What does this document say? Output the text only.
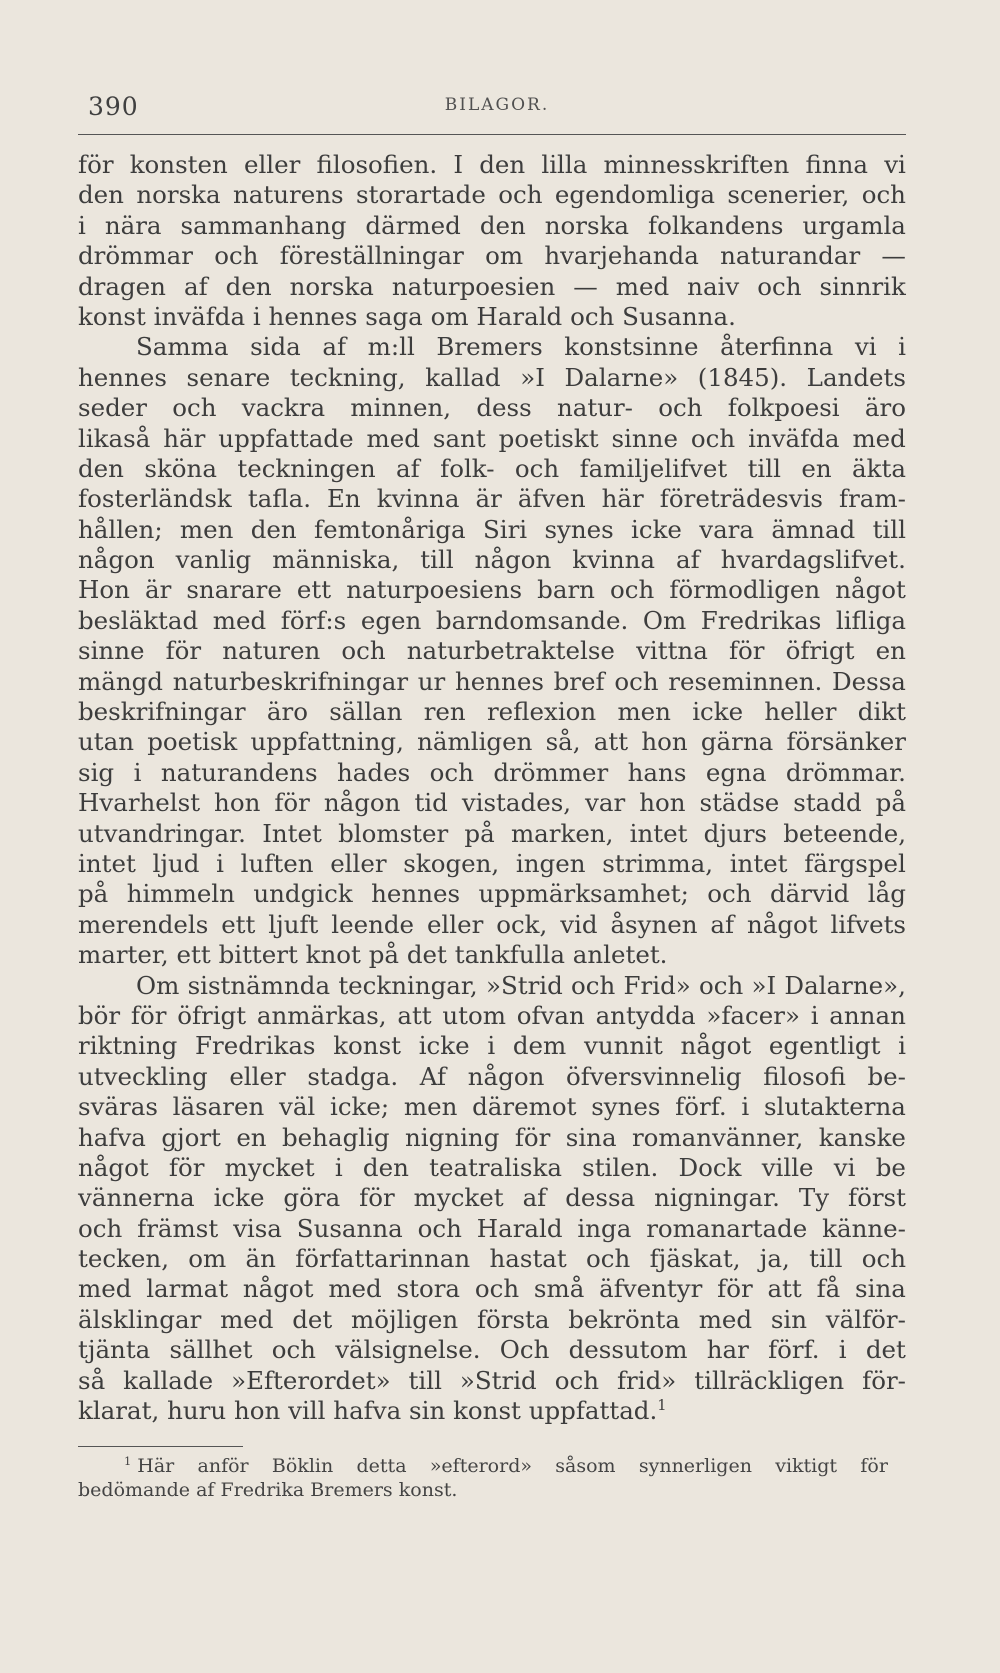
390	BILAGOR.
för konsten eller filosofien. I den lilla minnesskriften finna vi
den norska naturens storartade och egendomliga scenerier, och
i nära sammanhang därmed den norska folkandens urgamla
drömmar och föreställningar om hvarjehanda naturandar —
dragen af den norska naturpoesien — med naiv och sinnrik
konst inväfda i hennes saga om Harald och Susanna.
Samma sida af m:ll Bremers konstsinne återfinna vi i
hennes senare teckning, kallad »I Dalarne» (1845). Landets
seder och vackra minnen, dess natur- och folkpoesi äro
likaså här uppfattade med sant poetiskt sinne och inväfda med
den sköna teckningen af folk- och familjelifvet till en äkta
fosterländsk tafla. En kvinna är äfven här företrädesvis fram-
hållen; men den femtonåriga Siri synes icke vara ämnad till
någon vanlig människa, till någon kvinna af hvardagslifvet.
Hon är snarare ett naturpoesiens barn och förmodligen något
besläktad med förf:s egen barndomsande. Om Fredrikas lifliga
sinne för naturen och naturbetraktelse vittna för öfrigt en
mängd naturbeskrifningar ur hennes bref och reseminnen. Dessa
beskrifningar äro sällan ren reflexion men icke heller dikt
utan poetisk uppfattning, nämligen så, att hon gärna försänker
sig i naturandens hades och drömmer hans egna drömmar.
Hvarhelst hon för någon tid vistades, var hon städse stadd på
utvandringar. Intet blomster på marken, intet djurs beteende,
intet ljud i luften eller skogen, ingen strimma, intet färgspel
på himmeln undgick hennes uppmärksamhet; och därvid låg
merendels ett ljuft leende eller ock, vid åsynen af något lifvets
marter, ett bittert knot på det tankfulla anletet.
Om sistnämnda teckningar, »Strid och Frid» och »I Dalarne»,
bör för öfrigt anmärkas, att utom ofvan antydda »facer» i annan
riktning Fredrikas konst icke i dem vunnit något egentligt i
utveckling eller stadga. Af någon öfversvinnelig filosofi be-
sväras läsaren väl icke; men däremot synes förf. i slutakterna
hafva gjort en behaglig nigning för sina romanvänner, kanske
något för mycket i den teatraliska stilen. Dock ville vi be
vännerna icke göra för mycket af dessa nigningar. Ty först
och främst visa Susanna och Harald inga romanartade känne-
tecken, om än författarinnan hastat och fjäskat, ja, till och
med larmat något med stora och små äfventyr för att få sina
älsklingar med det möjligen första bekrönta med sin välför-
tjänta sällhet och välsignelse. Och dessutom har förf. i det
så kallade »Efterordet» till »Strid och frid» tillräckligen för-
klarat, huru hon vill hafva sin konst uppfattad.$^1$
$^1$ Här anför Böklin detta »efterord» såsom synnerligen viktigt för
bedömande af Fredrika Bremers konst.
